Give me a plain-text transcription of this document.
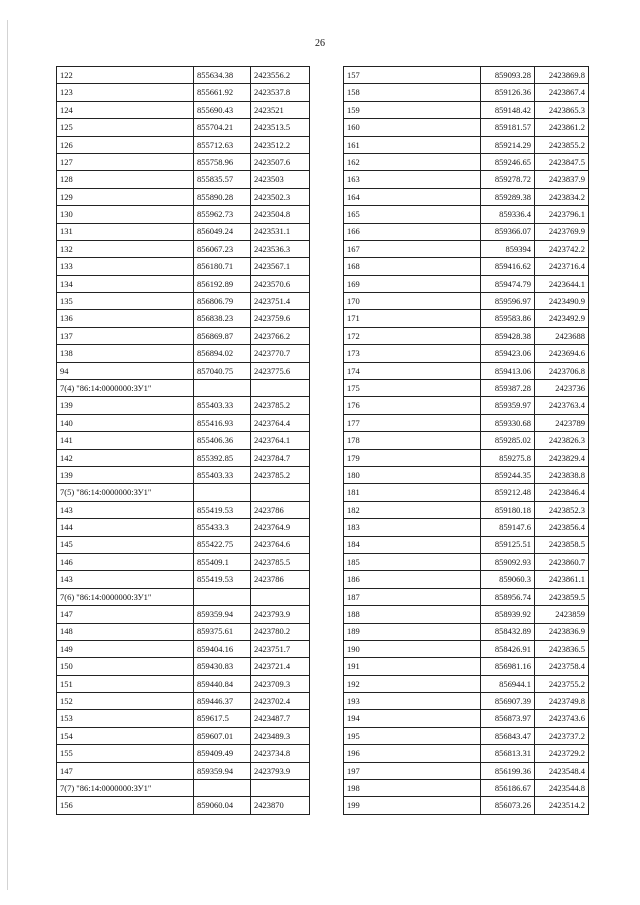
26
122	855634.38	2423556.2
123	855661.92	2423537.8
124	855690.43	2423521
125	855704.21	2423513.5
126	855712.63	2423512.2
127	855758.96	2423507.6
128	855835.57	2423503
129	855890.28	2423502.3
130	855962.73	2423504.8
131	856049.24	2423531.1
132	856067.23	2423536.3
133	856180.71	2423567.1
134	856192.89	2423570.6
135	856806.79	2423751.4
136	856838.23	2423759.6
137	856869.87	2423766.2
138	856894.02	2423770.7
94	857040.75	2423775.6
7(4) "86:14:0000000:ЗУ1"		
139	855403.33	2423785.2
140	855416.93	2423764.4
141	855406.36	2423764.1
142	855392.85	2423784.7
139	855403.33	2423785.2
7(5) "86:14:0000000:ЗУ1"		
143	855419.53	2423786
144	855433.3	2423764.9
145	855422.75	2423764.6
146	855409.1	2423785.5
143	855419.53	2423786
7(6) "86:14:0000000:ЗУ1"		
147	859359.94	2423793.9
148	859375.61	2423780.2
149	859404.16	2423751.7
150	859430.83	2423721.4
151	859440.84	2423709.3
152	859446.37	2423702.4
153	859617.5	2423487.7
154	859607.01	2423489.3
155	859409.49	2423734.8
147	859359.94	2423793.9
7(7) "86:14:0000000:ЗУ1"		
156	859060.04	2423870
157	859093.28	2423869.8
158	859126.36	2423867.4
159	859148.42	2423865.3
160	859181.57	2423861.2
161	859214.29	2423855.2
162	859246.65	2423847.5
163	859278.72	2423837.9
164	859289.38	2423834.2
165	859336.4	2423796.1
166	859366.07	2423769.9
167	859394	2423742.2
168	859416.62	2423716.4
169	859474.79	2423644.1
170	859596.97	2423490.9
171	859583.86	2423492.9
172	859428.38	2423688
173	859423.06	2423694.6
174	859413.06	2423706.8
175	859387.28	2423736
176	859359.97	2423763.4
177	859330.68	2423789
178	859285.02	2423826.3
179	859275.8	2423829.4
180	859244.35	2423838.8
181	859212.48	2423846.4
182	859180.18	2423852.3
183	859147.6	2423856.4
184	859125.51	2423858.5
185	859092.93	2423860.7
186	859060.3	2423861.1
187	858956.74	2423859.5
188	858939.92	2423859
189	858432.89	2423836.9
190	858426.91	2423836.5
191	856981.16	2423758.4
192	856944.1	2423755.2
193	856907.39	2423749.8
194	856873.97	2423743.6
195	856843.47	2423737.2
196	856813.31	2423729.2
197	856199.36	2423548.4
198	856186.67	2423544.8
199	856073.26	2423514.2
